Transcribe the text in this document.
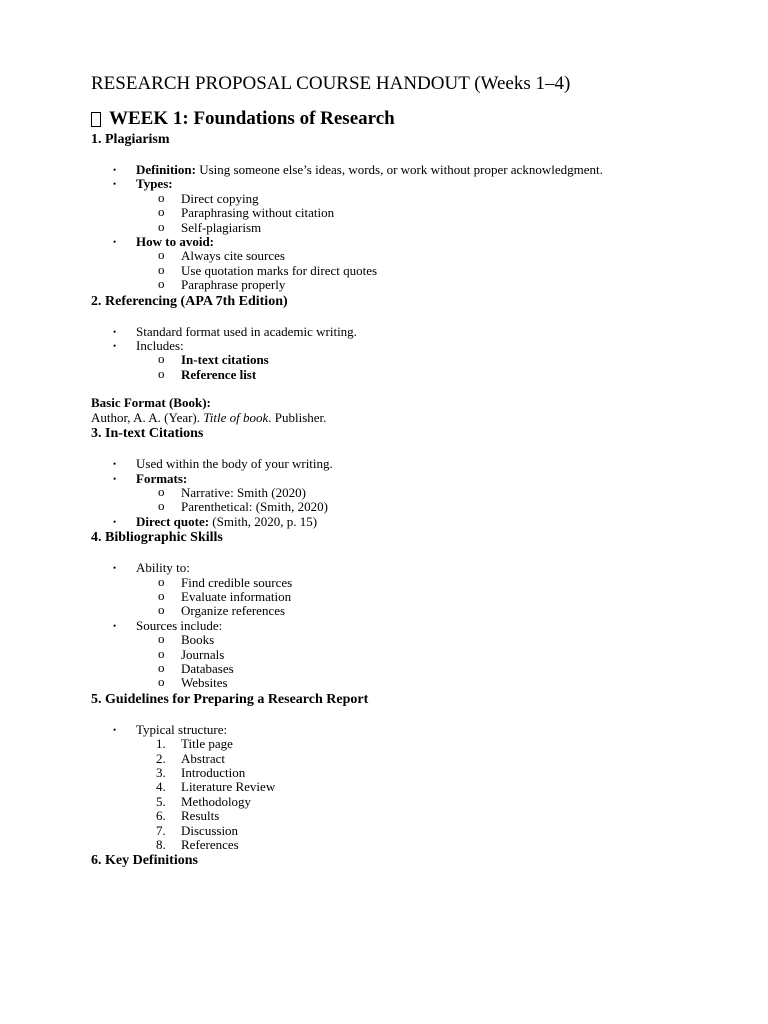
RESEARCH PROPOSAL COURSE HANDOUT (Weeks 1–4)

WEEK 1: Foundations of Research
1. Plagiarism
• Definition: Using someone else’s ideas, words, or work without proper acknowledgment.
• Types:
o Direct copying
o Paraphrasing without citation
o Self-plagiarism
• How to avoid:
o Always cite sources
o Use quotation marks for direct quotes
o Paraphrase properly
2. Referencing (APA 7th Edition)
• Standard format used in academic writing.
• Includes:
o In-text citations
o Reference list

Basic Format (Book):

Author, A. A. (Year). Title of book. Publisher.

3. In-text Citations
• Used within the body of your writing.
• Formats:
o Narrative: Smith (2020)
o Parenthetical: (Smith, 2020)
• Direct quote: (Smith, 2020, p. 15)
4. Bibliographic Skills
• Ability to:
o Find credible sources
o Evaluate information
o Organize references
• Sources include:
o Books
o Journals
o Databases
o Websites
5. Guidelines for Preparing a Research Report
• Typical structure:
1. Title page
2. Abstract
3. Introduction
4. Literature Review
5. Methodology
6. Results
7. Discussion
8. References
6. Key Definitions
